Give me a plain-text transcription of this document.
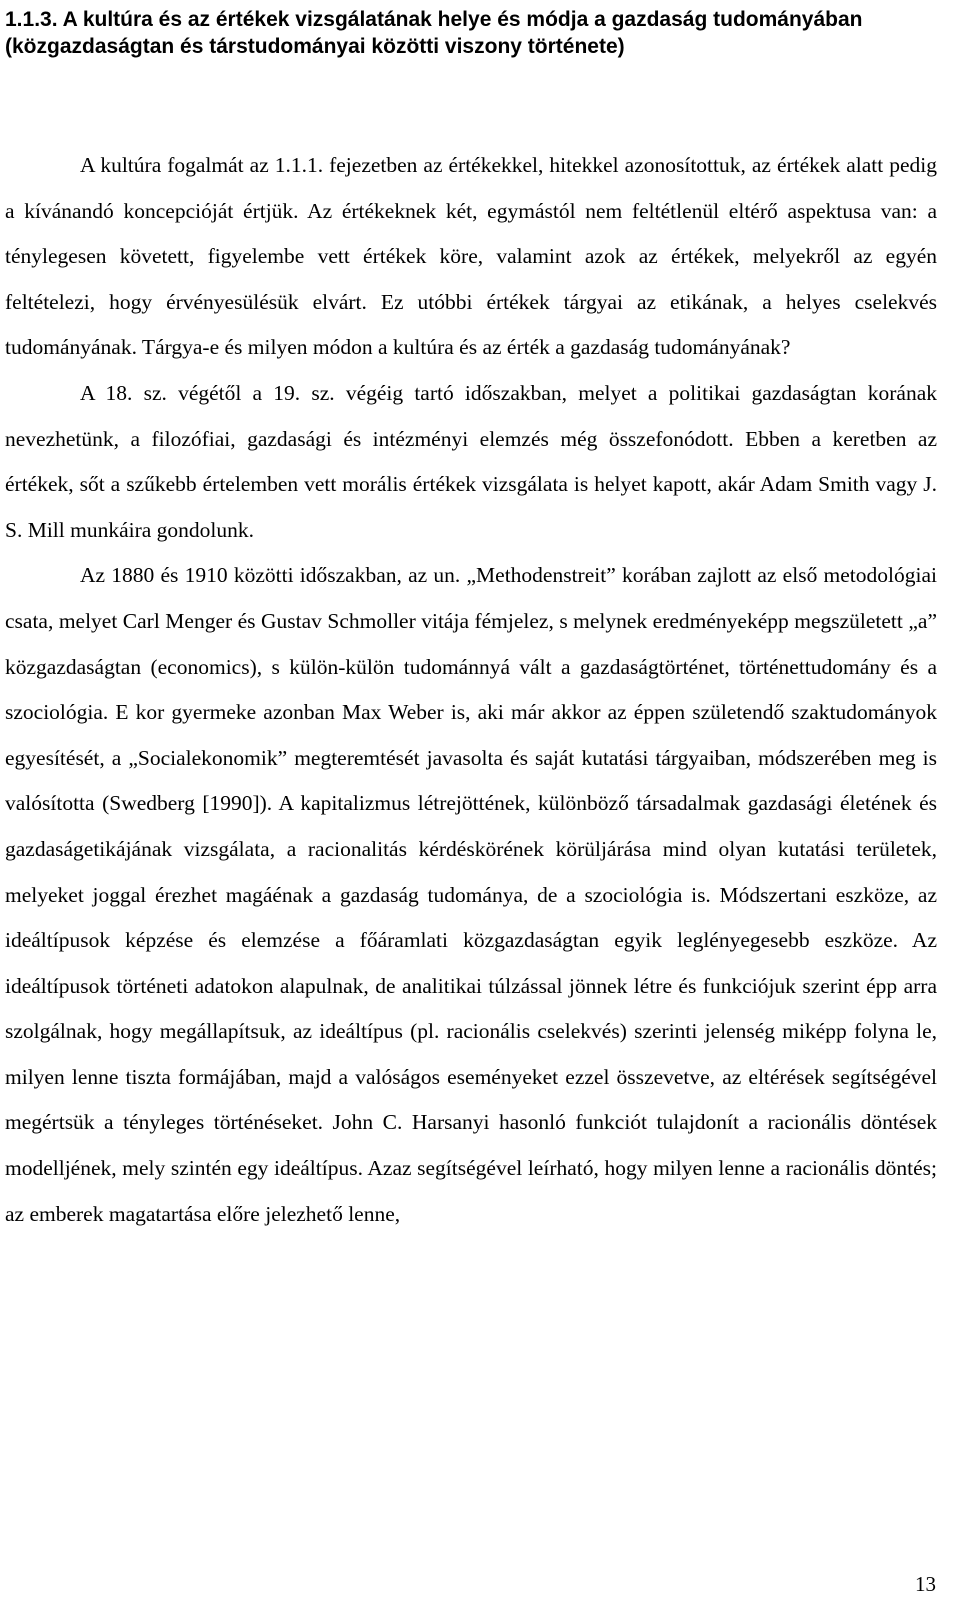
1.1.3. A kultúra és az értékek vizsgálatának helye és módja a gazdaság tudományában (közgazdaságtan és társtudományai közötti viszony története)

A kultúra fogalmát az 1.1.1. fejezetben az értékekkel, hitekkel azonosítottuk, az értékek alatt pedig a kívánandó koncepcióját értjük. Az értékeknek két, egymástól nem feltétlenül eltérő aspektusa van: a ténylegesen követett, figyelembe vett értékek köre, valamint azok az értékek, melyekről az egyén feltételezi, hogy érvényesülésük elvárt. Ez utóbbi értékek tárgyai az etikának, a helyes cselekvés tudományának. Tárgya-e és milyen módon a kultúra és az érték a gazdaság tudományának?

A 18. sz. végétől a 19. sz. végéig tartó időszakban, melyet a politikai gazdaságtan korának nevezhetünk, a filozófiai, gazdasági és intézményi elemzés még összefonódott. Ebben a keretben az értékek, sőt a szűkebb értelemben vett morális értékek vizsgálata is helyet kapott, akár Adam Smith vagy J. S. Mill munkáira gondolunk.

Az 1880 és 1910 közötti időszakban, az un. „Methodenstreit” korában zajlott az első metodológiai csata, melyet Carl Menger és Gustav Schmoller vitája fémjelez, s melynek eredményeképp megszületett „a” közgazdaságtan (economics), s külön-külön tudománnyá vált a gazdaságtörténet, történettudomány és a szociológia. E kor gyermeke azonban Max Weber is, aki már akkor az éppen születendő szaktudományok egyesítését, a „Socialekonomik” megteremtését javasolta és saját kutatási tárgyaiban, módszerében meg is valósította (Swedberg [1990]). A kapitalizmus létrejöttének, különböző társadalmak gazdasági életének és gazdaságetikájának vizsgálata, a racionalitás kérdéskörének körüljárása mind olyan kutatási területek, melyeket joggal érezhet magáénak a gazdaság tudománya, de a szociológia is. Módszertani eszköze, az ideáltípusok képzése és elemzése a főáramlati közgazdaságtan egyik leglényegesebb eszköze. Az ideáltípusok történeti adatokon alapulnak, de analitikai túlzással jönnek létre és funkciójuk szerint épp arra szolgálnak, hogy megállapítsuk, az ideáltípus (pl. racionális cselekvés) szerinti jelenség miképp folyna le, milyen lenne tiszta formájában, majd a valóságos eseményeket ezzel összevetve, az eltérések segítségével megértsük a tényleges történéseket. John C. Harsanyi hasonló funkciót tulajdonít a racionális döntések modelljének, mely szintén egy ideáltípus. Azaz segítségével leírható, hogy milyen lenne a racionális döntés; az emberek magatartása előre jelezhető lenne,

13
